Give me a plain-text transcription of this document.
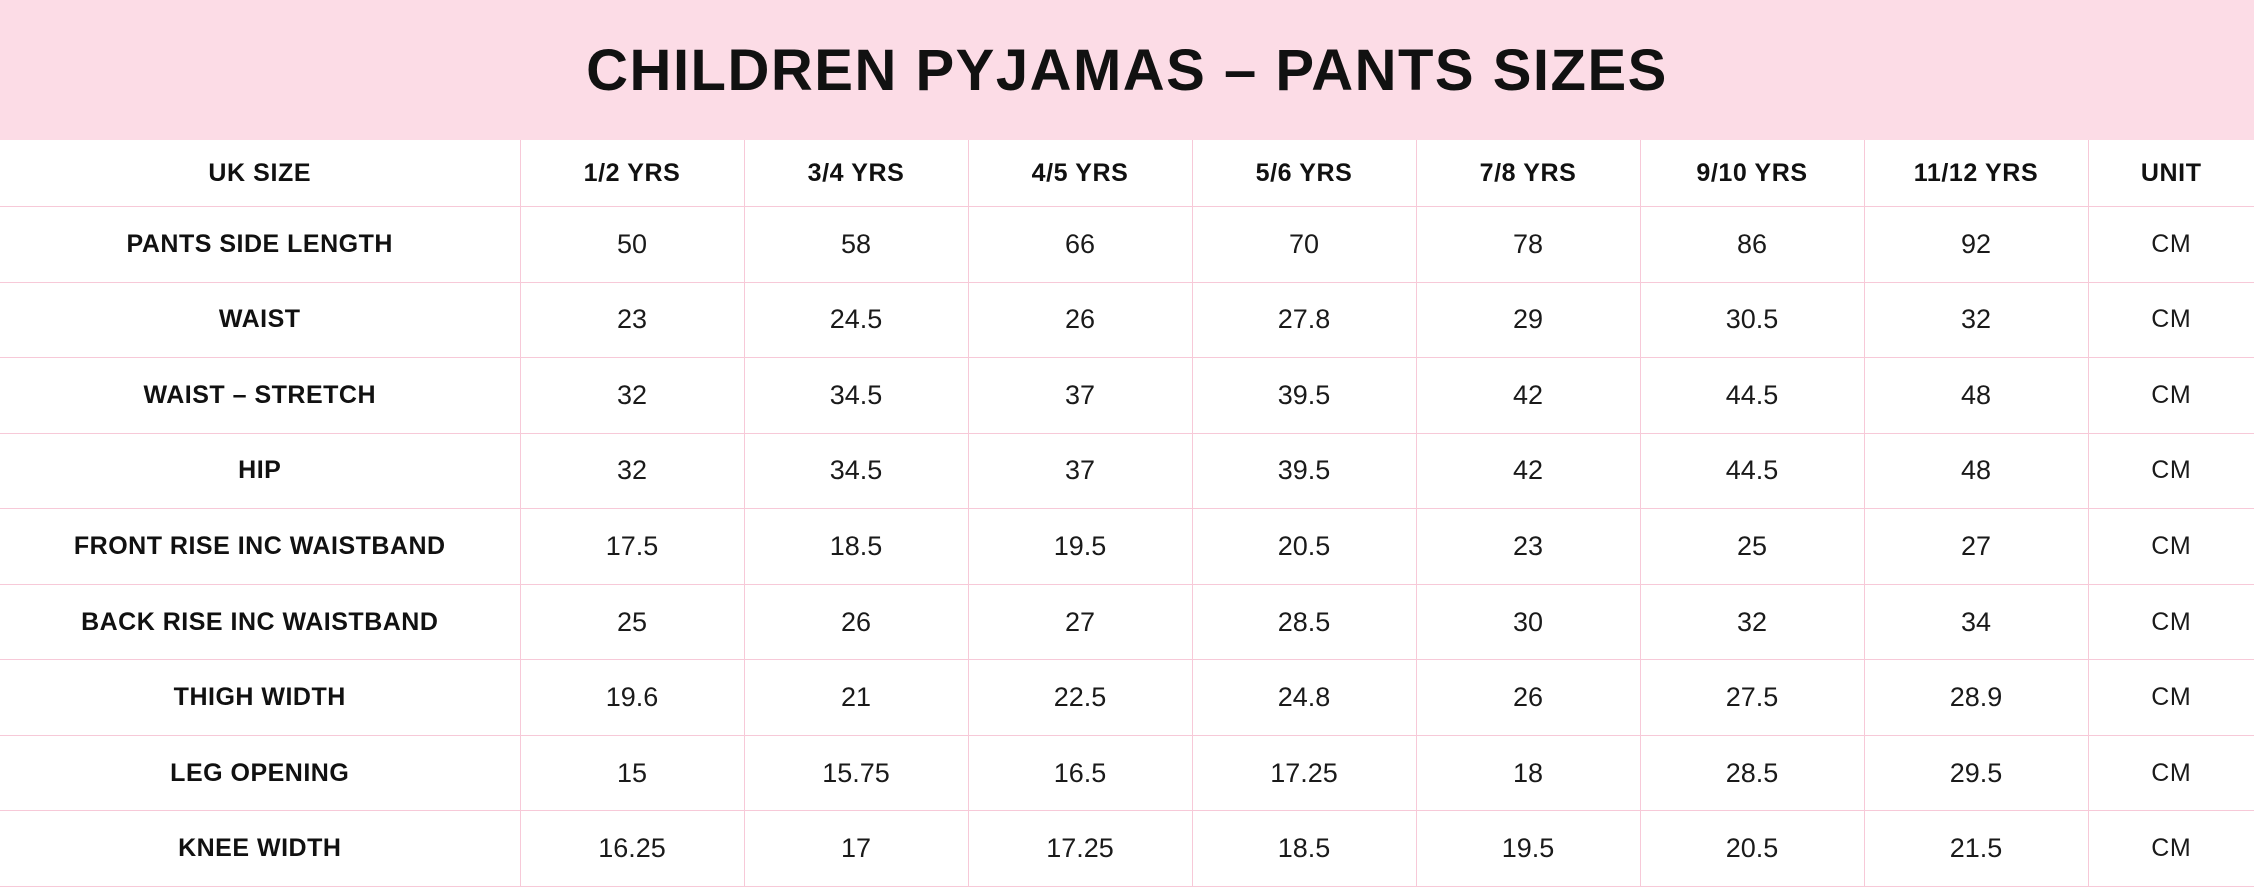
CHILDREN PYJAMAS – PANTS SIZES
UK SIZE	1/2 YRS	3/4 YRS	4/5 YRS	5/6 YRS	7/8 YRS	9/10 YRS	11/12 YRS	UNIT
PANTS SIDE LENGTH	50	58	66	70	78	86	92	CM
WAIST	23	24.5	26	27.8	29	30.5	32	CM
WAIST – STRETCH	32	34.5	37	39.5	42	44.5	48	CM
HIP	32	34.5	37	39.5	42	44.5	48	CM
FRONT RISE INC WAISTBAND	17.5	18.5	19.5	20.5	23	25	27	CM
BACK RISE INC WAISTBAND	25	26	27	28.5	30	32	34	CM
THIGH WIDTH	19.6	21	22.5	24.8	26	27.5	28.9	CM
LEG OPENING	15	15.75	16.5	17.25	18	28.5	29.5	CM
KNEE WIDTH	16.25	17	17.25	18.5	19.5	20.5	21.5	CM
